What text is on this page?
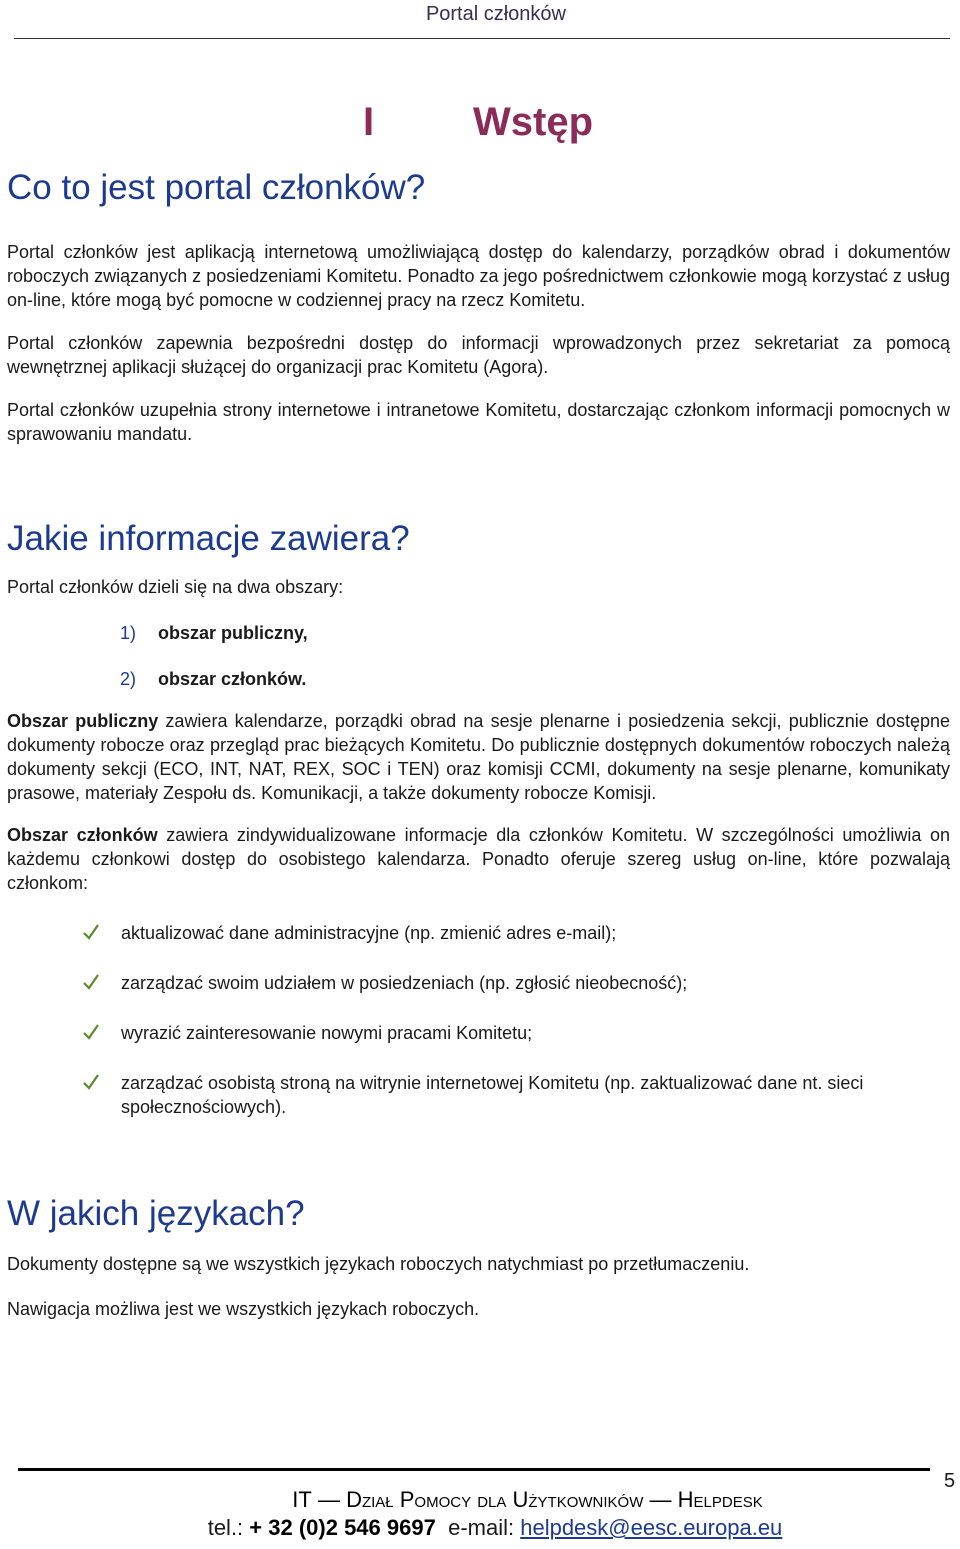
Portal członków
I Wstęp
Co to jest portal członków?

Portal członków jest aplikacją internetową umożliwiającą dostęp do kalendarzy, porządków obrad i dokumentów roboczych związanych z posiedzeniami Komitetu. Ponadto za jego pośrednictwem członkowie mogą korzystać z usług on-line, które mogą być pomocne w codziennej pracy na rzecz Komitetu.

Portal członków zapewnia bezpośredni dostęp do informacji wprowadzonych przez sekretariat za pomocą wewnętrznej aplikacji służącej do organizacji prac Komitetu (Agora).

Portal członków uzupełnia strony internetowe i intranetowe Komitetu, dostarczając członkom informacji pomocnych w sprawowaniu mandatu.

Jakie informacje zawiera?

Portal członków dzieli się na dwa obszary:

1) obszar publiczny,
2) obszar członków.

Obszar publiczny zawiera kalendarze, porządki obrad na sesje plenarne i posiedzenia sekcji, publicznie dostępne dokumenty robocze oraz przegląd prac bieżących Komitetu. Do publicznie dostępnych dokumentów roboczych należą dokumenty sekcji (ECO, INT, NAT, REX, SOC i TEN) oraz komisji CCMI, dokumenty na sesje plenarne, komunikaty prasowe, materiały Zespołu ds. Komunikacji, a także dokumenty robocze Komisji.

Obszar członków zawiera zindywidualizowane informacje dla członków Komitetu. W szczególności umożliwia on każdemu członkowi dostęp do osobistego kalendarza. Ponadto oferuje szereg usług on-line, które pozwalają członkom:

aktualizować dane administracyjne (np. zmienić adres e-mail);
zarządzać swoim udziałem w posiedzeniach (np. zgłosić nieobecność);
wyrazić zainteresowanie nowymi pracami Komitetu;
zarządzać osobistą stroną na witrynie internetowej Komitetu (np. zaktualizować dane nt. sieci społecznościowych).
W jakich językach?

Dokumenty dostępne są we wszystkich językach roboczych natychmiast po przetłumaczeniu.

Nawigacja możliwa jest we wszystkich językach roboczych.

5
IT — Dział Pomocy dla Użytkowników — Helpdesk
tel.: + 32 (0)2 546 9697 e-mail: helpdesk@eesc.europa.eu
